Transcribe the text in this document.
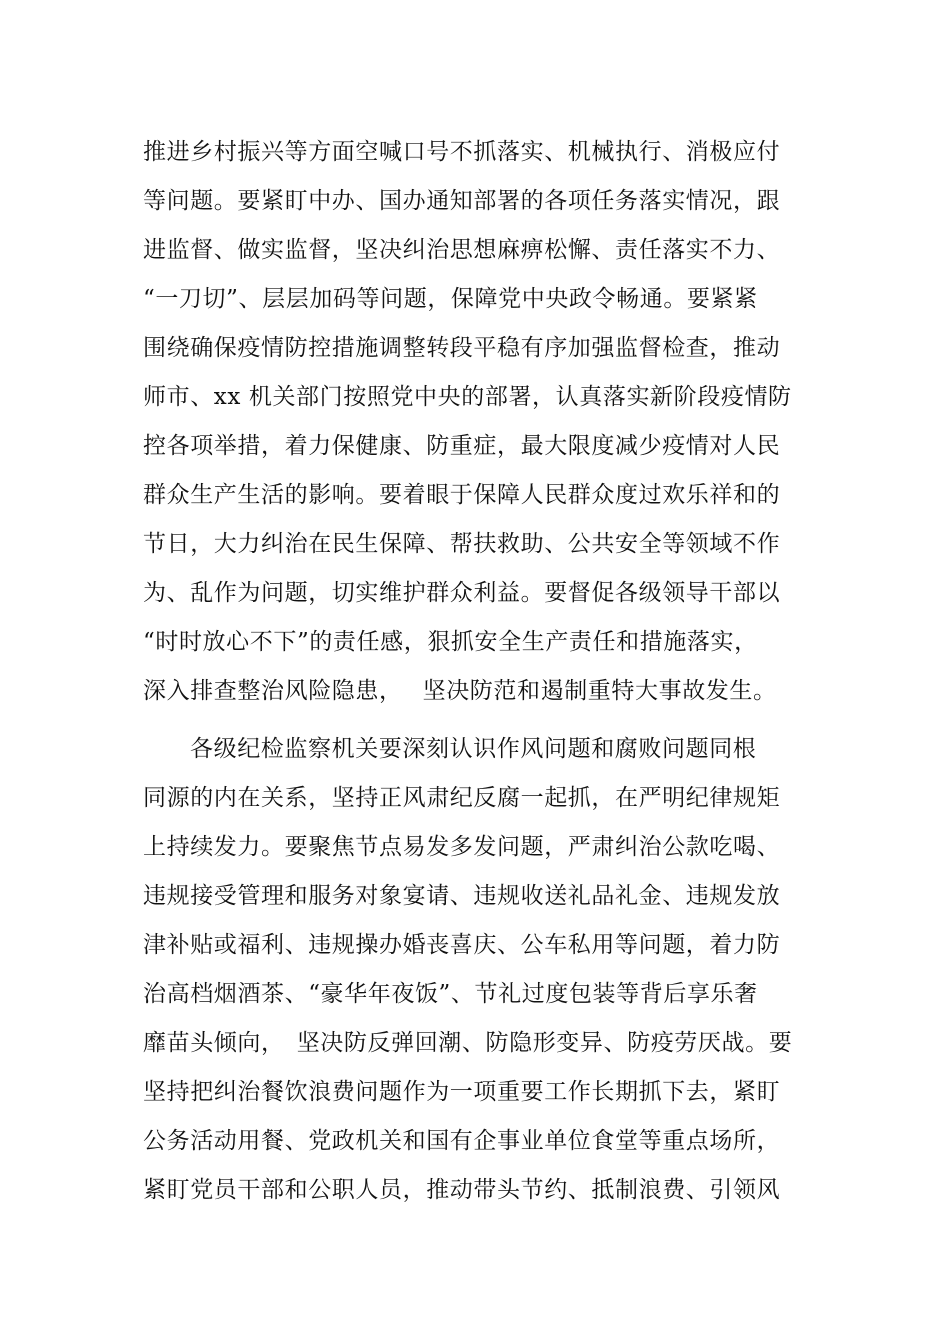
推进乡村振兴等方面空喊口号不抓落实、机械执行、消极应付
等问题。要紧盯中办、国办通知部署的各项任务落实情况，跟
进监督、做实监督，坚决纠治思想麻痹松懈、责任落实不力、
“一刀切”、层层加码等问题，保障党中央政令畅通。要紧紧
围绕确保疫情防控措施调整转段平稳有序加强监督检查，推动
师市、xx 机关部门按照党中央的部署，认真落实新阶段疫情防
控各项举措，着力保健康、防重症，最大限度减少疫情对人民
群众生产生活的影响。要着眼于保障人民群众度过欢乐祥和的
节日，大力纠治在民生保障、帮扶救助、公共安全等领域不作
为、乱作为问题，切实维护群众利益。要督促各级领导干部以
“时时放心不下”的责任感，狠抓安全生产责任和措施落实，
深入排查整治风险隐患，　 坚决防范和遏制重特大事故发生。
各级纪检监察机关要深刻认识作风问题和腐败问题同根
同源的内在关系，坚持正风肃纪反腐一起抓，在严明纪律规矩
上持续发力。要聚焦节点易发多发问题，严肃纠治公款吃喝、
违规接受管理和服务对象宴请、违规收送礼品礼金、违规发放
津补贴或福利、违规操办婚丧喜庆、公车私用等问题，着力防
治高档烟酒茶、“豪华年夜饭”、节礼过度包装等背后享乐奢
靡苗头倾向，　坚决防反弹回潮、防隐形变异、防疫劳厌战。要
坚持把纠治餐饮浪费问题作为一项重要工作长期抓下去，紧盯
公务活动用餐、党政机关和国有企事业单位食堂等重点场所，
紧盯党员干部和公职人员，推动带头节约、抵制浪费、引领风
